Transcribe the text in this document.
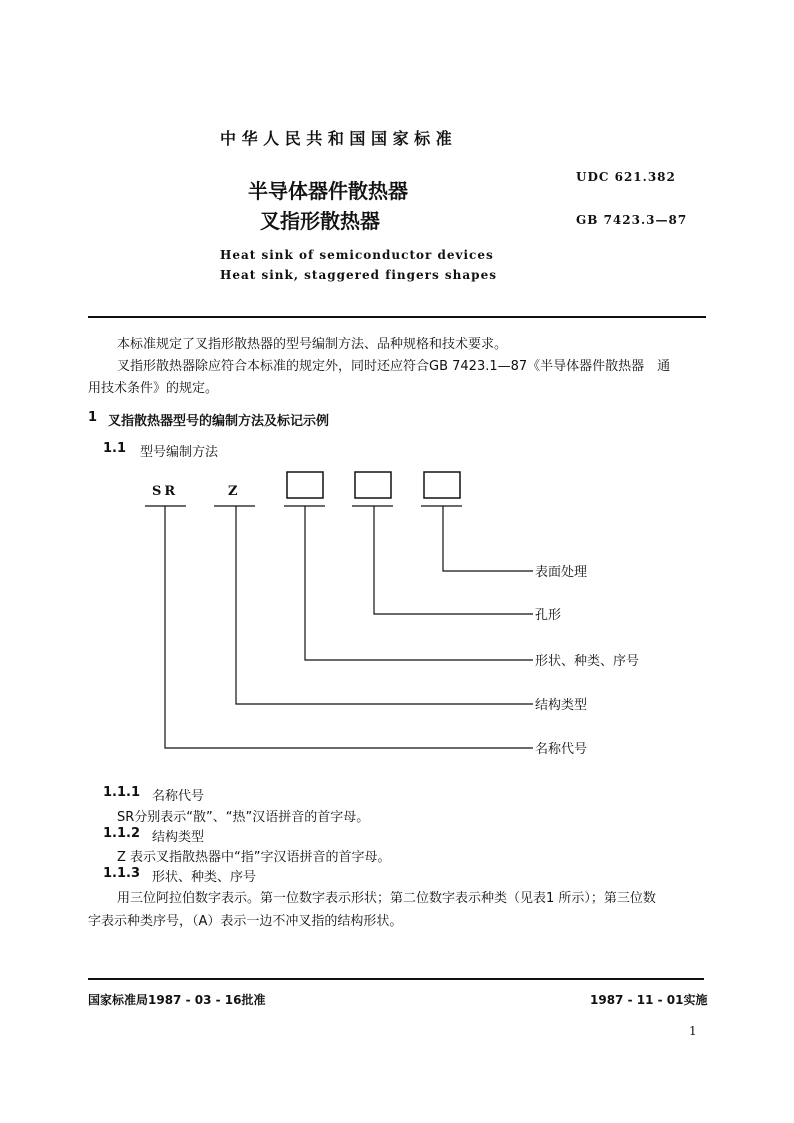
中 华 人 民 共 和 国 国 家 标 准
UDC 621.382
GB 7423.3—87
半导体器件散热器
叉指形散热器
Heat sink of semiconductor devices
Heat sink, staggered fingers shapes
本标准规定了叉指形散热器的型号编制方法、品种规格和技术要求。
叉指形散热器除应符合本标准的规定外，同时还应符合GB 7423.1—87《半导体器件散热器　通
用技术条件》的规定。
1 叉指散热器型号的编制方法及标记示例
1.1 型号编制方法
SR	Z
表面处理
孔形
形状、种类、序号
结构类型
名称代号
1.1.1 名称代号
SR分别表示“散”、“热”汉语拼音的首字母。
1.1.2 结构类型
Z 表示叉指散热器中“指”字汉语拼音的首字母。
1.1.3 形状、种类、序号
用三位阿拉伯数字表示。第一位数字表示形状；第二位数字表示种类（见表1 所示）；第三位数
字表示种类序号，（A）表示一边不冲叉指的结构形状。
国家标准局1987 - 03 - 16批准	1987 - 11 - 01实施
1
